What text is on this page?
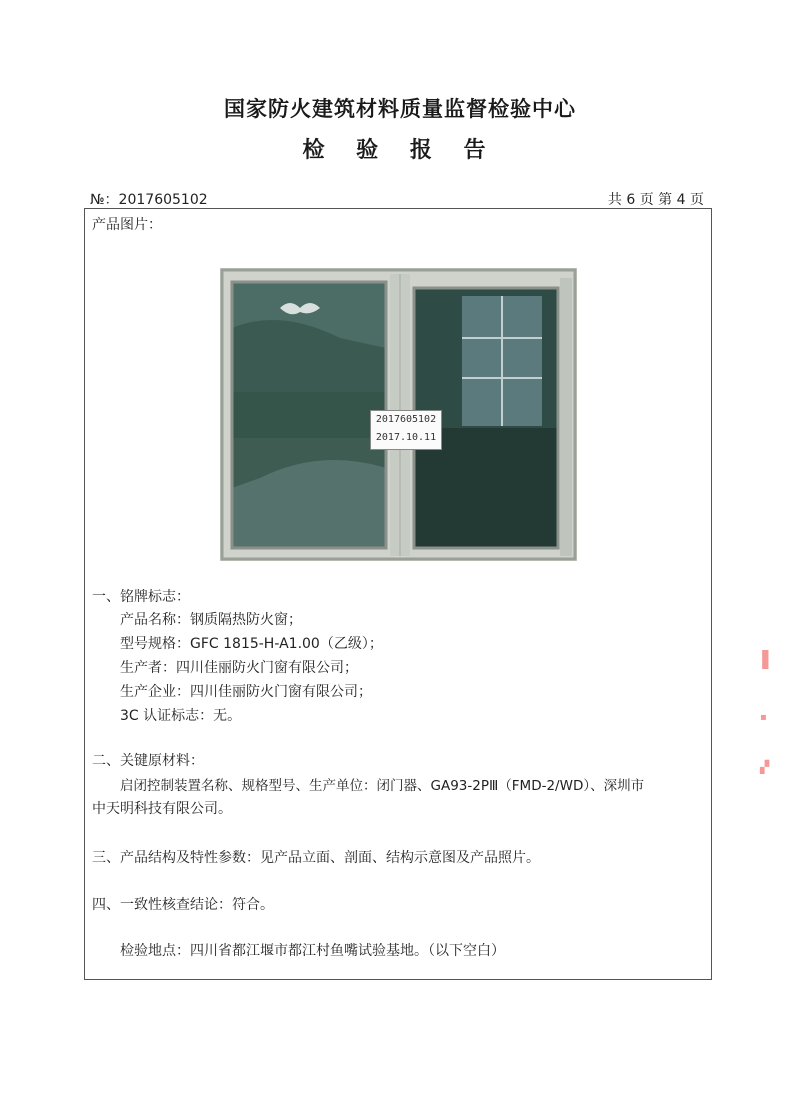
国家防火建筑材料质量监督检验中心
检 验 报 告
№：2017605102	共 6 页 第 4 页
产品图片：
2017605102
2017.10.11
一、铭牌标志：
产品名称：钢质隔热防火窗；
型号规格：GFC 1815-H-A1.00（乙级）；
生产者：四川佳丽防火门窗有限公司；
生产企业：四川佳丽防火门窗有限公司；
3C 认证标志：无。
二、关键原材料：
启闭控制装置名称、规格型号、生产单位：闭门器、GA93-2PⅢ（FMD-2/WD）、深圳市
中天明科技有限公司。
三、产品结构及特性参数：见产品立面、剖面、结构示意图及产品照片。
四、一致性核查结论：符合。
检验地点：四川省都江堰市都江村鱼嘴试验基地。（以下空白）
▐
▪
▞
